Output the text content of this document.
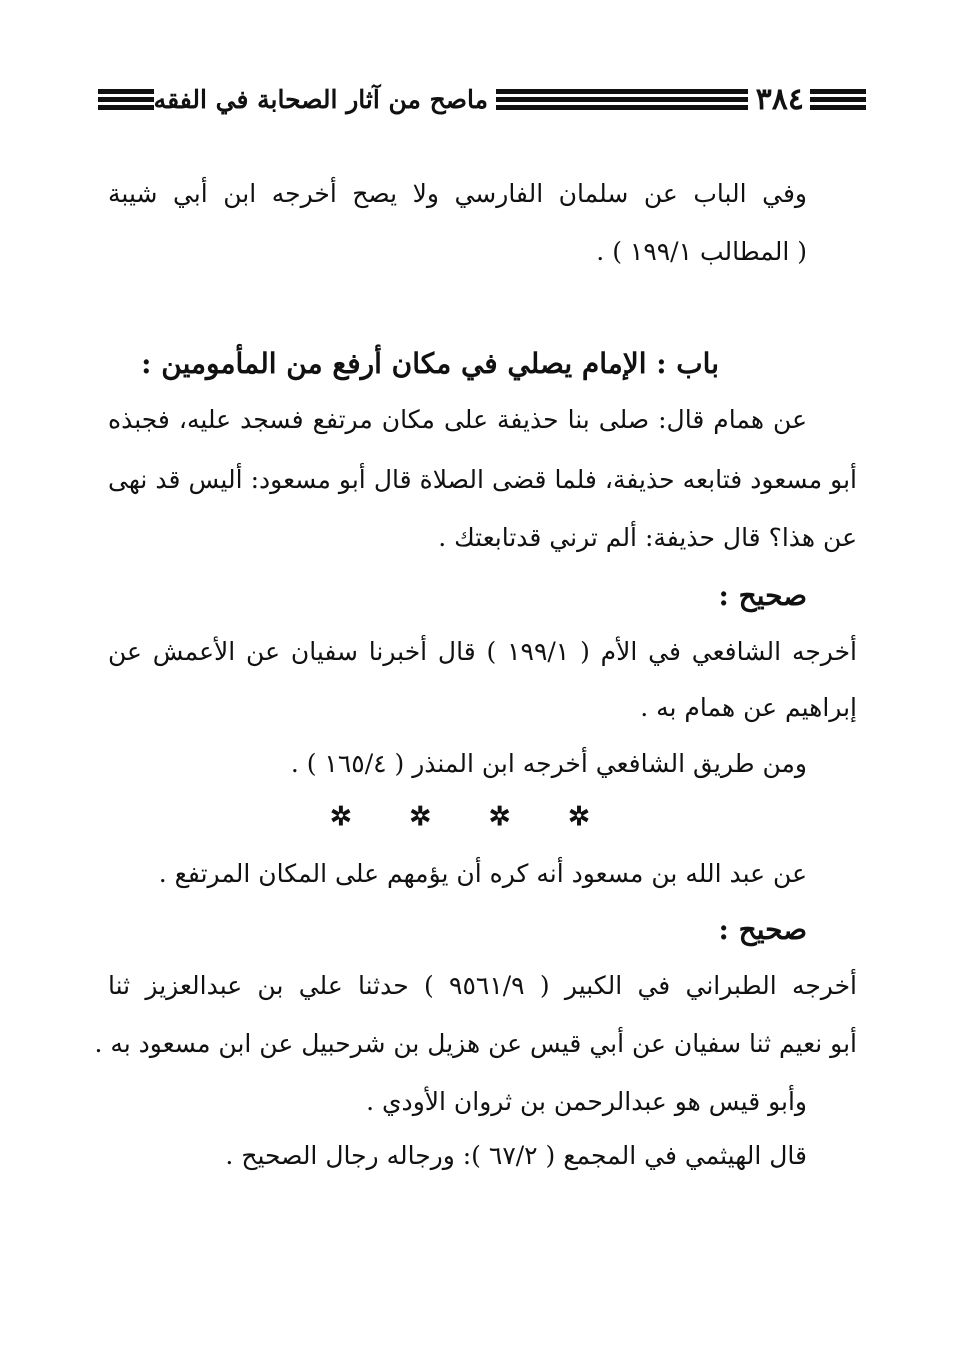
٣٨٤
ماصح من آثار الصحابة في الفقه
وفي الباب عن سلمان الفارسي ولا يصح أخرجه ابن أبي شيبة
( المطالب ١٩٩/١ ) .
باب : الإمام يصلي في مكان أرفع من المأمومين :
عن همام قال: صلى بنا حذيفة على مكان مرتفع فسجد عليه، فجبذه
أبو مسعود فتابعه حذيفة، فلما قضى الصلاة قال أبو مسعود: أليس قد نهى
عن هذا؟ قال حذيفة: ألم ترني قدتابعتك .
صحيح :
أخرجه الشافعي في الأم ( ١٩٩/١ ) قال أخبرنا سفيان عن الأعمش عن
إبراهيم عن همام به .
ومن طريق الشافعي أخرجه ابن المنذر ( ١٦٥/٤ ) .
✲ ✲ ✲ ✲
عن عبد الله بن مسعود أنه كره أن يؤمهم على المكان المرتفع .
صحيح :
أخرجه الطبراني في الكبير ( ٩٥٦١/٩ ) حدثنا علي بن عبدالعزيز ثنا
أبو نعيم ثنا سفيان عن أبي قيس عن هزيل بن شرحبيل عن ابن مسعود به .
وأبو قيس هو عبدالرحمن بن ثروان الأودي .
قال الهيثمي في المجمع ( ٦٧/٢ ): ورجاله رجال الصحيح .
